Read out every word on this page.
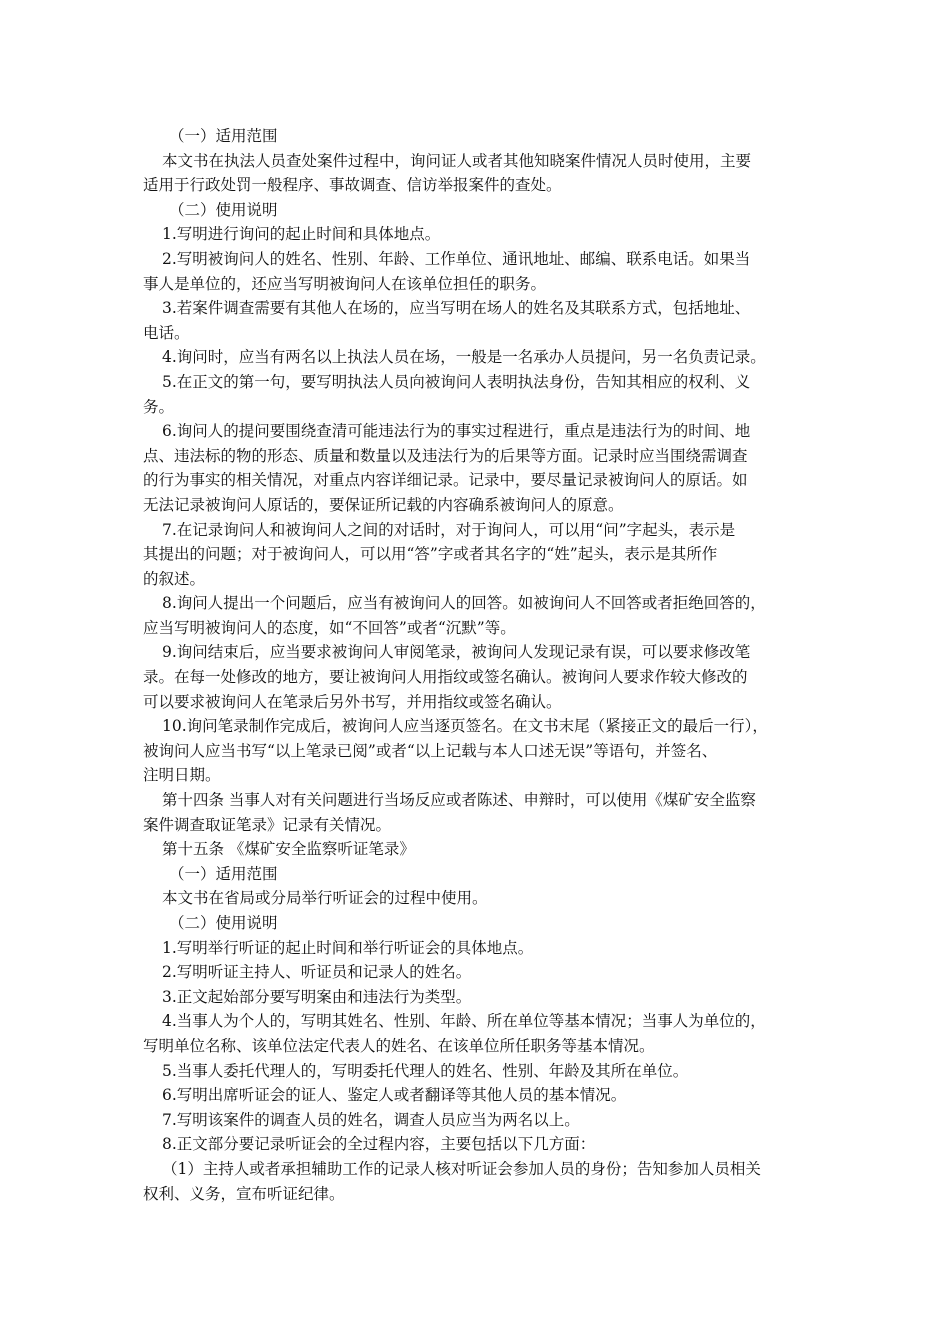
（一）适用范围
本文书在执法人员查处案件过程中，询问证人或者其他知晓案件情况人员时使用，主要
适用于行政处罚一般程序、事故调查、信访举报案件的查处。
（二）使用说明
1.写明进行询问的起止时间和具体地点。
2.写明被询问人的姓名、性别、年龄、工作单位、通讯地址、邮编、联系电话。如果当
事人是单位的，还应当写明被询问人在该单位担任的职务。
3.若案件调查需要有其他人在场的，应当写明在场人的姓名及其联系方式，包括地址、
电话。
4.询问时，应当有两名以上执法人员在场，一般是一名承办人员提问，另一名负责记录。
5.在正文的第一句，要写明执法人员向被询问人表明执法身份，告知其相应的权利、义
务。
6.询问人的提问要围绕查清可能违法行为的事实过程进行，重点是违法行为的时间、地
点、违法标的物的形态、质量和数量以及违法行为的后果等方面。记录时应当围绕需调查
的行为事实的相关情况，对重点内容详细记录。记录中，要尽量记录被询问人的原话。如
无法记录被询问人原话的，要保证所记载的内容确系被询问人的原意。
7.在记录询问人和被询问人之间的对话时，对于询问人，可以用“问”字起头，表示是
其提出的问题；对于被询问人，可以用“答”字或者其名字的“姓”起头，表示是其所作
的叙述。
8.询问人提出一个问题后，应当有被询问人的回答。如被询问人不回答或者拒绝回答的，
应当写明被询问人的态度，如“不回答”或者“沉默”等。
9.询问结束后，应当要求被询问人审阅笔录，被询问人发现记录有误，可以要求修改笔
录。在每一处修改的地方，要让被询问人用指纹或签名确认。被询问人要求作较大修改的
可以要求被询问人在笔录后另外书写，并用指纹或签名确认。
10.询问笔录制作完成后，被询问人应当逐页签名。在文书末尾（紧接正文的最后一行），
被询问人应当书写“以上笔录已阅”或者“以上记载与本人口述无误”等语句，并签名、
注明日期。
第十四条 当事人对有关问题进行当场反应或者陈述、申辩时，可以使用《煤矿安全监察
案件调查取证笔录》记录有关情况。
第十五条 《煤矿安全监察听证笔录》
（一）适用范围
本文书在省局或分局举行听证会的过程中使用。
（二）使用说明
1.写明举行听证的起止时间和举行听证会的具体地点。
2.写明听证主持人、听证员和记录人的姓名。
3.正文起始部分要写明案由和违法行为类型。
4.当事人为个人的，写明其姓名、性别、年龄、所在单位等基本情况；当事人为单位的，
写明单位名称、该单位法定代表人的姓名、在该单位所任职务等基本情况。
5.当事人委托代理人的，写明委托代理人的姓名、性别、年龄及其所在单位。
6.写明出席听证会的证人、鉴定人或者翻译等其他人员的基本情况。
7.写明该案件的调查人员的姓名，调查人员应当为两名以上。
8.正文部分要记录听证会的全过程内容，主要包括以下几方面：
（1）主持人或者承担辅助工作的记录人核对听证会参加人员的身份；告知参加人员相关
权利、义务，宣布听证纪律。
